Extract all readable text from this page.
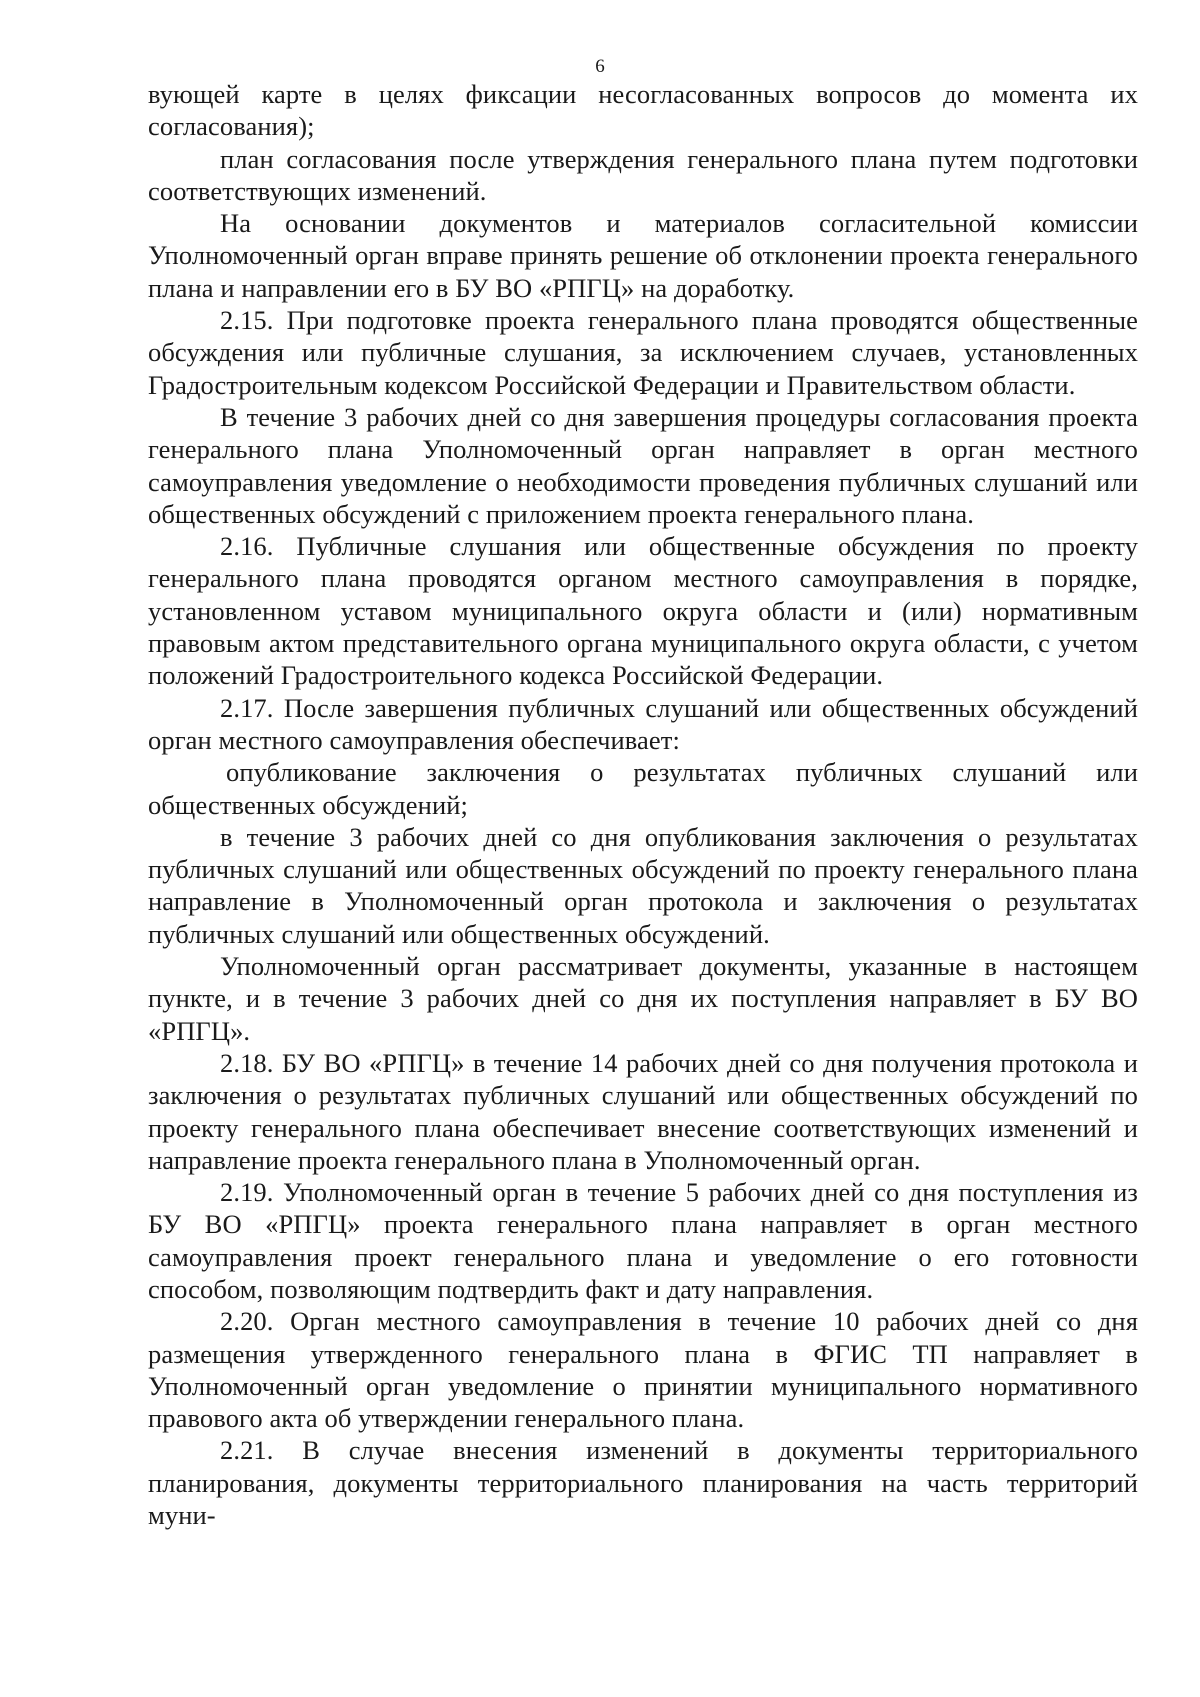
6

вующей карте в целях фиксации несогласованных вопросов до момента их согласования);

план согласования после утверждения генерального плана путем подготовки соответствующих изменений.

На основании документов и материалов согласительной комиссии Уполномоченный орган вправе принять решение об отклонении проекта генерального плана и направлении его в БУ ВО «РПГЦ» на доработку.

2.15. При подготовке проекта генерального плана проводятся общественные обсуждения или публичные слушания, за исключением случаев, установленных Градостроительным кодексом Российской Федерации и Правительством области.

В течение 3 рабочих дней со дня завершения процедуры согласования проекта генерального плана Уполномоченный орган направляет в орган местного самоуправления уведомление о необходимости проведения публичных слушаний или общественных обсуждений с приложением проекта генерального плана.

2.16. Публичные слушания или общественные обсуждения по проекту генерального плана проводятся органом местного самоуправления в порядке, установленном уставом муниципального округа области и (или) нормативным правовым актом представительного органа муниципального округа области, с учетом положений Градостроительного кодекса Российской Федерации.

2.17. После завершения публичных слушаний или общественных обсуждений орган местного самоуправления обеспечивает:

опубликование заключения о результатах публичных слушаний или общественных обсуждений;

в течение 3 рабочих дней со дня опубликования заключения о результатах публичных слушаний или общественных обсуждений по проекту генерального плана направление в Уполномоченный орган протокола и заключения о результатах публичных слушаний или общественных обсуждений.

Уполномоченный орган рассматривает документы, указанные в настоящем пункте, и в течение 3 рабочих дней со дня их поступления направляет в БУ ВО «РПГЦ».

2.18. БУ ВО «РПГЦ» в течение 14 рабочих дней со дня получения протокола и заключения о результатах публичных слушаний или общественных обсуждений по проекту генерального плана обеспечивает внесение соответствующих изменений и направление проекта генерального плана в Уполномоченный орган.

2.19. Уполномоченный орган в течение 5 рабочих дней со дня поступления из БУ ВО «РПГЦ» проекта генерального плана направляет в орган местного самоуправления проект генерального плана и уведомление о его готовности способом, позволяющим подтвердить факт и дату направления.

2.20. Орган местного самоуправления в течение 10 рабочих дней со дня размещения утвержденного генерального плана в ФГИС ТП направляет в Уполномоченный орган уведомление о принятии муниципального нормативного правового акта об утверждении генерального плана.

2.21. В случае внесения изменений в документы территориального планирования, документы территориального планирования на часть территорий муни-
